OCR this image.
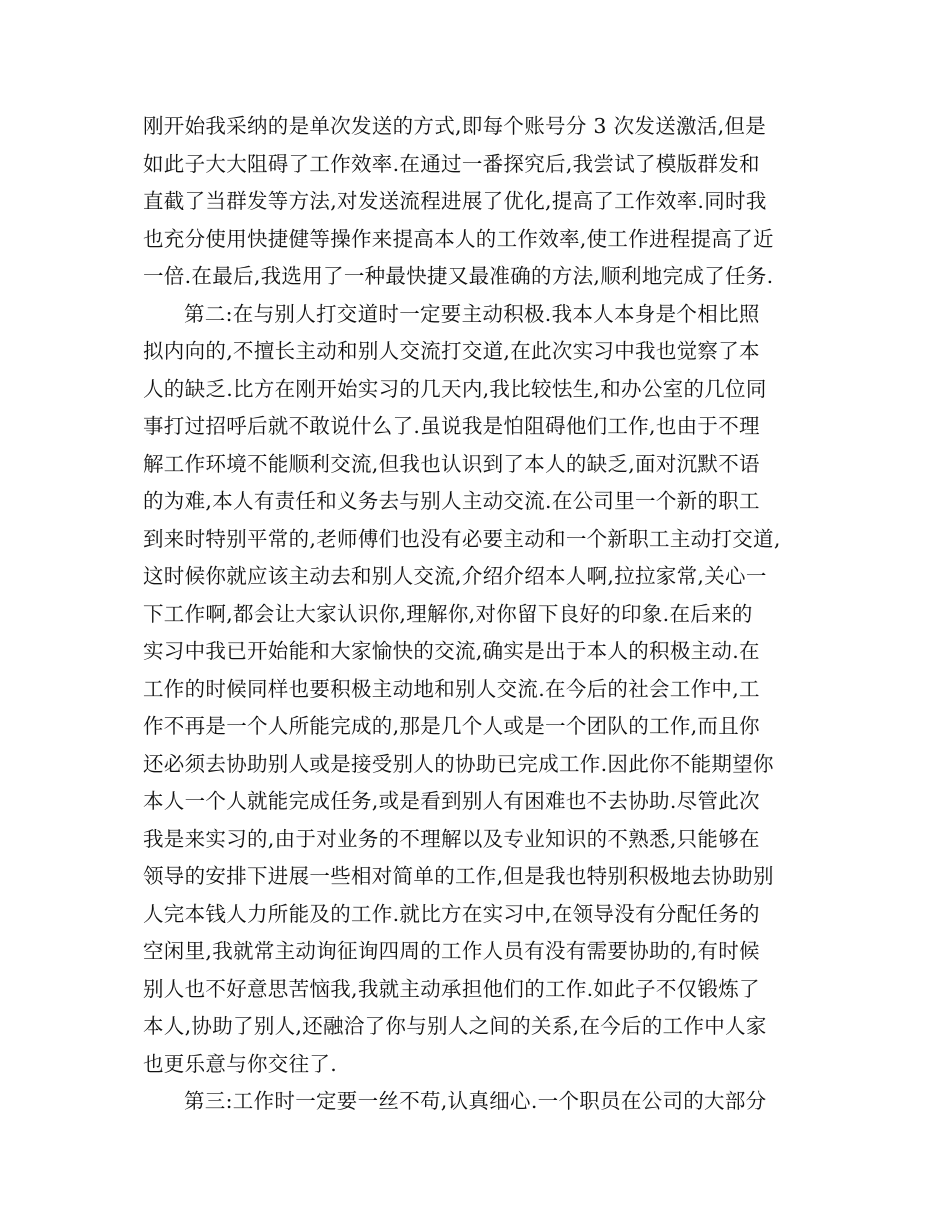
刚开始我采纳的是单次发送的方式,即每个账号分 3 次发送激活,但是
如此子大大阻碍了工作效率.在通过一番探究后,我尝试了模版群发和
直截了当群发等方法,对发送流程进展了优化,提高了工作效率.同时我
也充分使用快捷健等操作来提高本人的工作效率,使工作进程提高了近
一倍.在最后,我选用了一种最快捷又最准确的方法,顺利地完成了任务.
第二:在与别人打交道时一定要主动积极.我本人本身是个相比照
拟内向的,不擅长主动和别人交流打交道,在此次实习中我也觉察了本
人的缺乏.比方在刚开始实习的几天内,我比较怯生,和办公室的几位同
事打过招呼后就不敢说什么了.虽说我是怕阻碍他们工作,也由于不理
解工作环境不能顺利交流,但我也认识到了本人的缺乏,面对沉默不语
的为难,本人有责任和义务去与别人主动交流.在公司里一个新的职工
到来时特别平常的,老师傅们也没有必要主动和一个新职工主动打交道,
这时候你就应该主动去和别人交流,介绍介绍本人啊,拉拉家常,关心一
下工作啊,都会让大家认识你,理解你,对你留下良好的印象.在后来的
实习中我已开始能和大家愉快的交流,确实是出于本人的积极主动.在
工作的时候同样也要积极主动地和别人交流.在今后的社会工作中,工
作不再是一个人所能完成的,那是几个人或是一个团队的工作,而且你
还必须去协助别人或是接受别人的协助已完成工作.因此你不能期望你
本人一个人就能完成任务,或是看到别人有困难也不去协助.尽管此次
我是来实习的,由于对业务的不理解以及专业知识的不熟悉,只能够在
领导的安排下进展一些相对简单的工作,但是我也特别积极地去协助别
人完本钱人力所能及的工作.就比方在实习中,在领导没有分配任务的
空闲里,我就常主动询征询四周的工作人员有没有需要协助的,有时候
别人也不好意思苦恼我,我就主动承担他们的工作.如此子不仅锻炼了
本人,协助了别人,还融洽了你与别人之间的关系,在今后的工作中人家
也更乐意与你交往了.
第三:工作时一定要一丝不苟,认真细心.一个职员在公司的大部分
